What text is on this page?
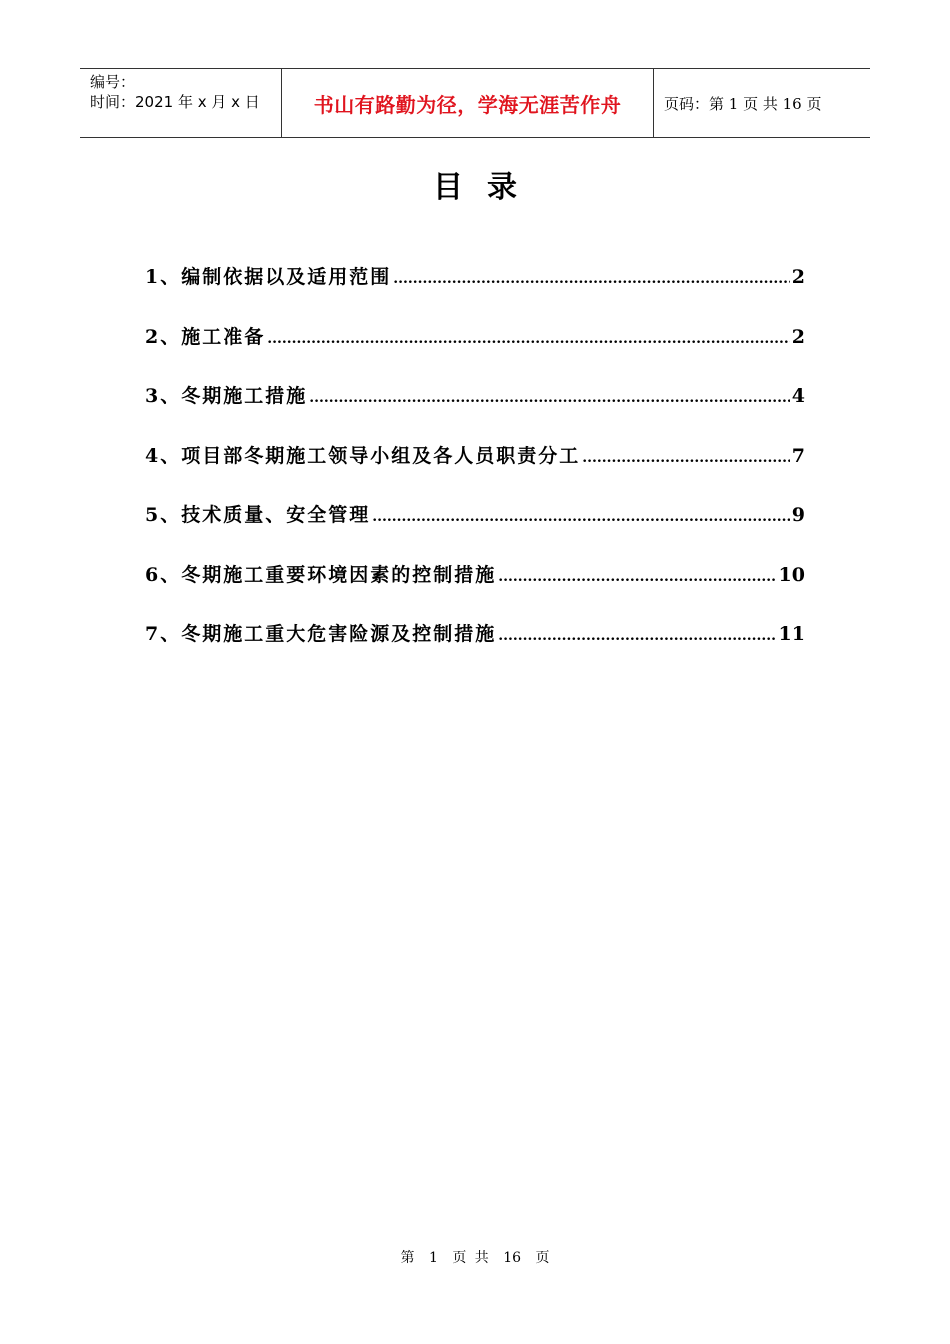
编号：
时间：2021 年 x 月 x 日	书山有路勤为径，学海无涯苦作舟	页码：第 1 页 共 16 页
目录
1、编制依据以及适用范围 .....	2
2、施工准备 .....	2
3、冬期施工措施 .....	4
4、项目部冬期施工领导小组及各人员职责分工 .....	7
5、技术质量、安全管理 .....	9
6、冬期施工重要环境因素的控制措施 .....	10
7、冬期施工重大危害险源及控制措施 .....	11
第 1 页 共 16 页
